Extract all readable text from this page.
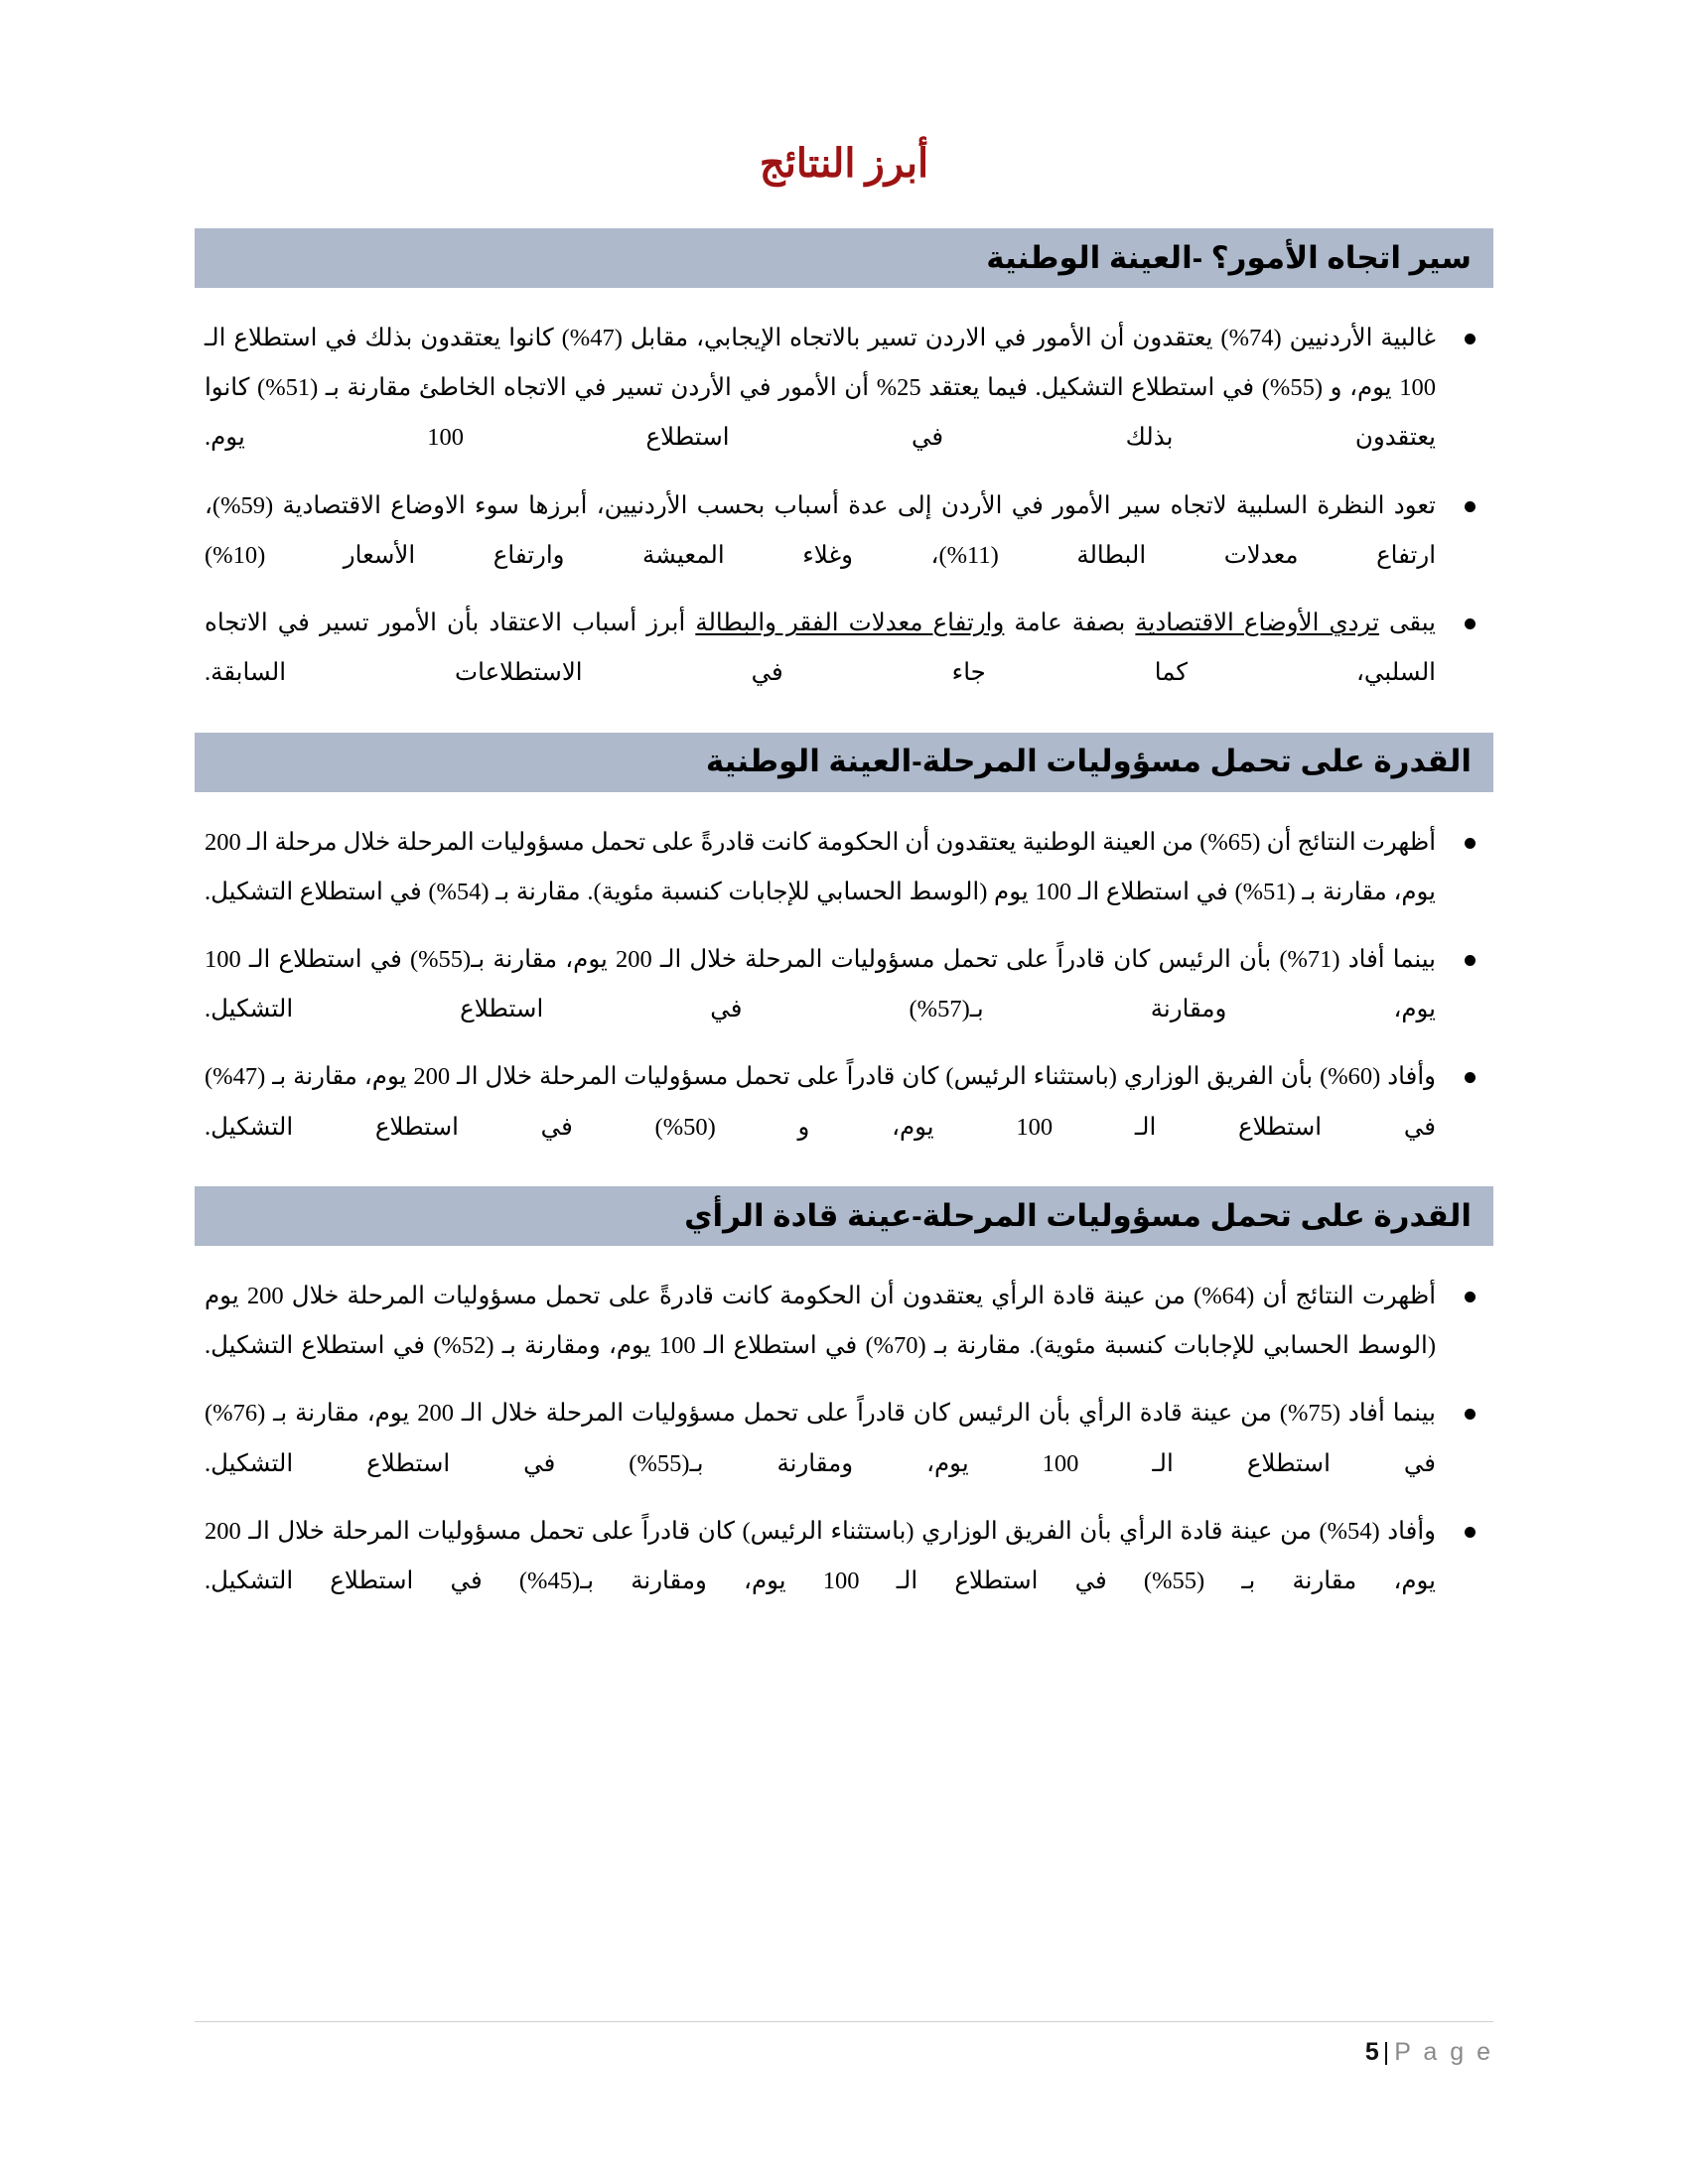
أبرز النتائج
سير اتجاه الأمور؟ -العينة الوطنية
غالبية الأردنيين (74%) يعتقدون أن الأمور في الاردن تسير بالاتجاه الإيجابي، مقابل (47%) كانوا يعتقدون بذلك في استطلاع الـ 100 يوم، و (55%) في استطلاع التشكيل. فيما يعتقد 25% أن الأمور في الأردن تسير في الاتجاه الخاطئ مقارنة بـ (51%) كانوا يعتقدون بذلك في استطلاع 100 يوم.
تعود النظرة السلبية لاتجاه سير الأمور في الأردن إلى عدة أسباب بحسب الأردنيين، أبرزها سوء الاوضاع الاقتصادية (59%)، ارتفاع معدلات البطالة (11%)، وغلاء المعيشة وارتفاع الأسعار (10%)
يبقى تردي الأوضاع الاقتصادية بصفة عامة وارتفاع معدلات الفقر والبطالة أبرز أسباب الاعتقاد بأن الأمور تسير في الاتجاه السلبي، كما جاء في الاستطلاعات السابقة.
القدرة على تحمل مسؤوليات المرحلة-العينة الوطنية
أظهرت النتائج أن (65%) من العينة الوطنية يعتقدون أن الحكومة كانت قادرةً على تحمل مسؤوليات المرحلة خلال مرحلة الـ 200 يوم، مقارنة بـ (51%) في استطلاع الـ 100 يوم (الوسط الحسابي للإجابات كنسبة مئوية). مقارنة بـ (54%) في استطلاع التشكيل.
بينما أفاد (71%) بأن الرئيس كان قادراً على تحمل مسؤوليات المرحلة خلال الـ 200 يوم، مقارنة بـ(55%) في استطلاع الـ 100 يوم، ومقارنة بـ(57%) في استطلاع التشكيل.
وأفاد (60%) بأن الفريق الوزاري (باستثناء الرئيس) كان قادراً على تحمل مسؤوليات المرحلة خلال الـ 200 يوم، مقارنة بـ (47%) في استطلاع الـ 100 يوم، و (50%) في استطلاع التشكيل.
القدرة على تحمل مسؤوليات المرحلة-عينة قادة الرأي
أظهرت النتائج أن (64%) من عينة قادة الرأي يعتقدون أن الحكومة كانت قادرةً على تحمل مسؤوليات المرحلة خلال 200 يوم (الوسط الحسابي للإجابات كنسبة مئوية). مقارنة بـ (70%) في استطلاع الـ 100 يوم، ومقارنة بـ (52%) في استطلاع التشكيل.
بينما أفاد (75%) من عينة قادة الرأي بأن الرئيس كان قادراً على تحمل مسؤوليات المرحلة خلال الـ 200 يوم، مقارنة بـ (76%) في استطلاع الـ 100 يوم، ومقارنة بـ(55%) في استطلاع التشكيل.
وأفاد (54%) من عينة قادة الرأي بأن الفريق الوزاري (باستثناء الرئيس) كان قادراً على تحمل مسؤوليات المرحلة خلال الـ 200 يوم، مقارنة بـ (55%) في استطلاع الـ 100 يوم، ومقارنة بـ(45%) في استطلاع التشكيل.
5 | P a g e
